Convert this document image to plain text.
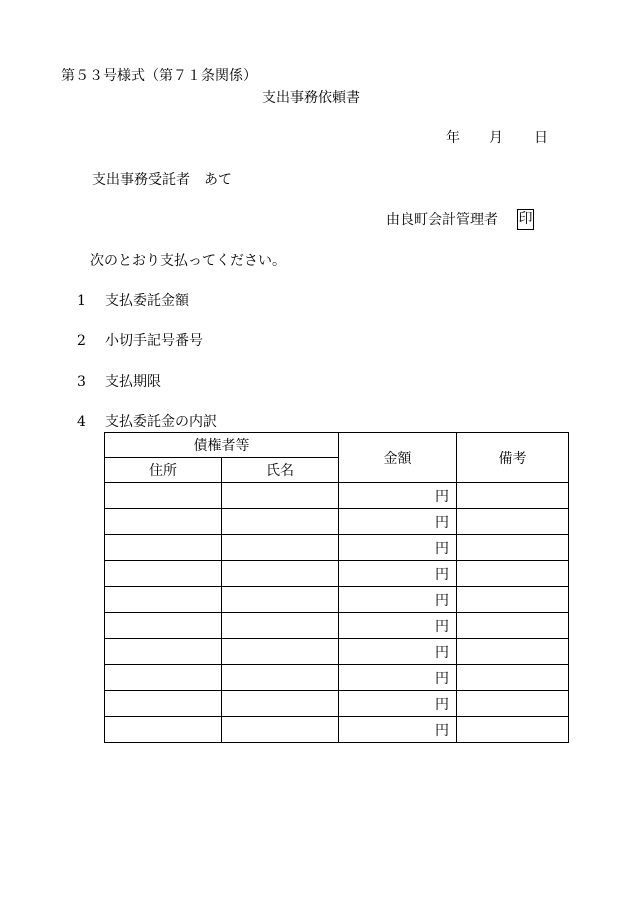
第５３号様式（第７１条関係）
支出事務依頼書
年 月 日
支出事務受託者　あて
由良町会計管理者 印
次のとおり支払ってください。
1 支払委託金額
2 小切手記号番号
3 支払期限
4 支払委託金の内訳
債権者等		金額	備考
住所	氏名		
		円	
		円	
		円	
		円	
		円	
		円	
		円	
		円	
		円	
		円	
